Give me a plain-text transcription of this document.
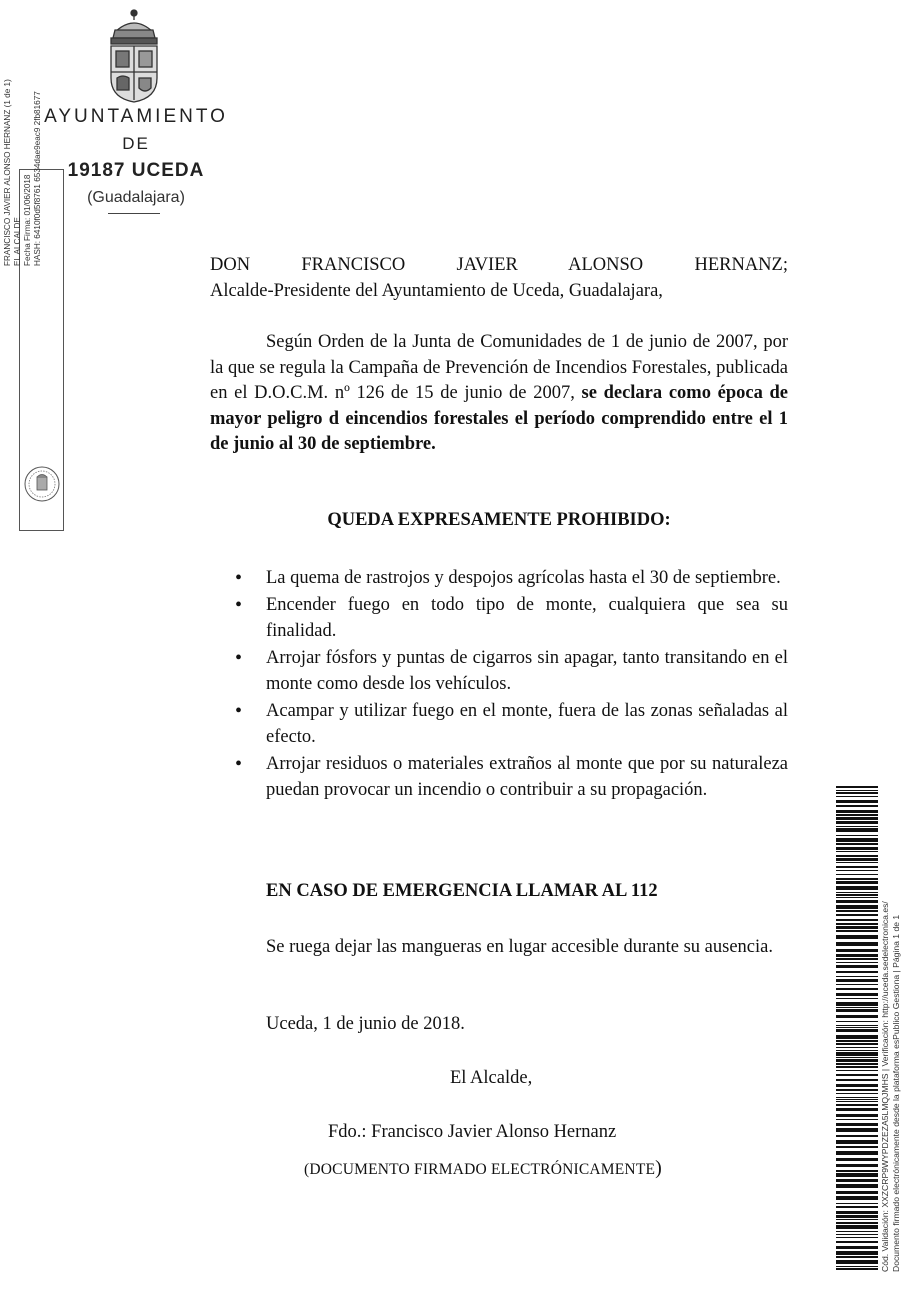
AYUNTAMIENTO
DE
19187 UCEDA
(Guadalajara)
FRANCISCO JAVIER ALONSO HERNANZ (1 de 1) EL ALCALDE Fecha Firma: 01/06/2018 HASH: 6410f0d5f8761 6534dae9eac9 2fb81677	DON FRANCISCO JAVIER ALONSO HERNANZ;
Alcalde-Presidente del Ayuntamiento de Uceda, Guadalajara,

Según Orden de la Junta de Comunidades de 1 de junio de 2007, por la que se regula la Campaña de Prevención de Incendios Forestales, publicada en el D.O.C.M. nº 126 de 15 de junio de 2007, se declara como época de mayor peligro d eincendios forestales el período comprendido entre el 1 de junio al 30 de septiembre.

QUEDA EXPRESAMENTE PROHIBIDO:
• La quema de rastrojos y despojos agrícolas hasta el 30 de septiembre.
• Encender fuego en todo tipo de monte, cualquiera que sea su finalidad.
• Arrojar fósfors y puntas de cigarros sin apagar, tanto transitando en el monte como desde los vehículos.
• Acampar y utilizar fuego en el monte, fuera de las zonas señaladas al efecto.
• Arrojar residuos o materiales extraños al monte que por su naturaleza puedan provocar un incendio o contribuir a su propagación.
EN CASO DE EMERGENCIA LLAMAR AL 112

Se ruega dejar las mangueras en lugar accesible durante su ausencia.

Uceda, 1 de junio de 2018.
El Alcalde,
Fdo.: Francisco Javier Alonso Hernanz
(DOCUMENTO FIRMADO ELECTRÓNICAMENTE)	Cód. Validación: XXZCRP9WYPDZEZA5LMQJMHS | Verificación: http://uceda.sedelectronica.es/ Documento firmado electrónicamente desde la plataforma esPublico Gestiona | Página 1 de 1
